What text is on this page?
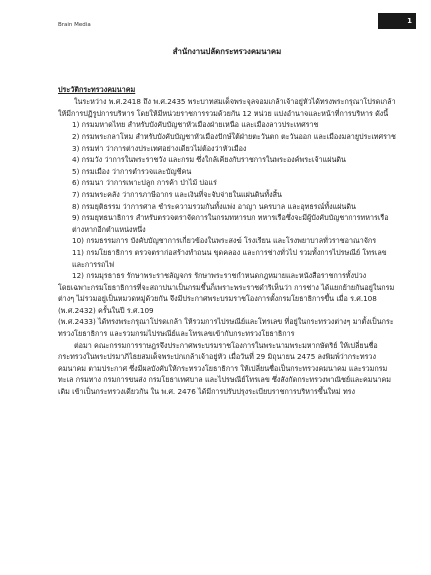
Brain Media	1
สำนักงานปลัดกระทรวงคมนาคม
ประวัติกระทรวงคมนาคม

ในระหว่าง พ.ศ.2418 ถึง พ.ศ.2435 พระบาทสมเด็จพระจุลจอมเกล้าเจ้าอยู่หัวได้ทรงพระกรุณาโปรดเกล้า ให้มีการปฏิรูปการบริหาร โดยให้มีหน่วยราชการรวมด้วยกัน 12 หน่วย แบ่งอำนาจและหน้าที่การบริหาร ดังนี้

1) กรมมหาดไทย สำหรับบังคับบัญชาหัวเมืองฝ่ายเหนือ และเมืองลาวประเทศราช

2) กรมพระกลาโหม สำหรับบังคับบัญชาหัวเมืองปักษ์ใต้ฝ่ายตะวันตก ตะวันออก และเมืองมลายูประเทศราช

3) กรมท่า ว่าการต่างประเทศอย่างเดียวไม่ต้องว่าหัวเมือง

4) กรมวัง ว่าการในพระราชวัง และกรม ซึ่งใกล้เคียงกับราชการในพระองค์พระเจ้าแผ่นดิน

5) กรมเมือง ว่าการตำรวจและบัญชีคน

6) กรมนา ว่าการเพาะปลูก การค้า ป่าไม้ บ่อแร่

7) กรมพระคลัง ว่าการภาษีอากร และเงินที่จะจับจ่ายในแผ่นดินทั้งสิ้น

8) กรมยุติธรรม ว่าการศาล ชำระความรวมกันทั้งแพ่ง อาญา นครบาล และอุทธรณ์ทั้งแผ่นดิน

9) กรมยุทธนาธิการ สำหรับตรวจตราจัดการในกรมทหารบก ทหารเรือซึ่งจะมีผู้บังคับบัญชาการทหารเรือต่างหากอีกตำแหน่งหนึ่ง

10) กรมธรรมการ บังคับบัญชาการเกี่ยวข้องในพระสงฆ์ โรงเรียน และโรงพยาบาลทั่วราชอาณาจักร

11) กรมโยธาธิการ ตรวจตราก่อสร้างทำถนน ขุดคลอง และการช่างทั่วไป รวมทั้งการไปรษณีย์ โทรเลข และการรถไฟ

12) กรมมุรธาธร รักษาพระราชลัญจกร รักษาพระราชกำหนดกฎหมายและหนังสือราชการทั้งปวง

โดยเฉพาะกรมโยธาธิการที่จะสถาปนาเป็นกรมขึ้นก็เพราะพระราชดำริเห็นว่า การช่าง ได้แยกย้ายกันอยู่ในกรมต่างๆ ไม่รวมอยู่เป็นหมวดหมู่ด้วยกัน จึงมีประกาศพระบรมราชโองการตั้งกรมโยธาธิการขึ้น เมื่อ ร.ศ.108 (พ.ศ.2432) ครั้นในปี ร.ศ.109

(พ.ศ.2433) ได้ทรงพระกรุณาโปรดเกล้า ให้รวมการไปรษณีย์และโทรเลข ที่อยู่ในกระทรวงต่างๆ มาตั้งเป็นกระทรวงโยธาธิการ และรวมกรมไปรษณีย์และโทรเลขเข้ากับกระทรวงโยธาธิการ

ต่อมา คณะกรรมการราษฎรจึงประกาศพระบรมราชโองการในพระนามพระมหากษัตริย์ ให้เปลี่ยนชื่อกระทรวงในพระปรมาภิไธยสมเด็จพระปกเกล้าเจ้าอยู่หัว เมื่อวันที่ 29 มิถุนายน 2475 ลงพิมพ์ว่ากระทรวงคมนาคม ตามประกาศ ซึ่งมีผลบังคับให้กระทรวงโยธาธิการ ให้เปลี่ยนชื่อเป็นกระทรวงคมนาคม และรวมกรมทะเล กรมทาง กรมการขนส่ง กรมโยธาเทศบาล และไปรษณีย์โทรเลข ซึ่งสังกัดกระทรวงพาณิชย์และคมนาคมเดิม เข้าเป็นกระทรวงเดียวกัน ใน พ.ศ. 2476 ได้มีการปรับปรุงระเบียบราชการบริหารขึ้นใหม่ ทรง
